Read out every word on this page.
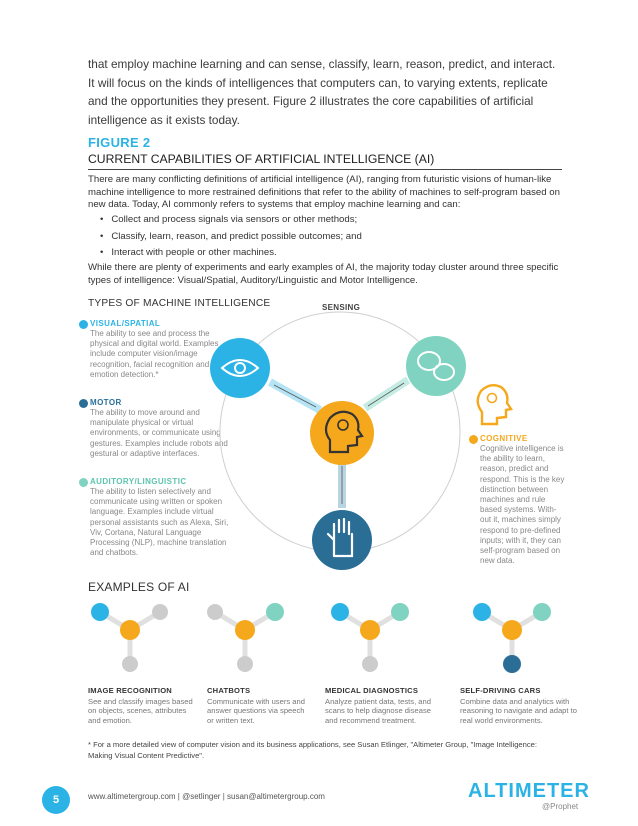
that employ machine learning and can sense, classify, learn, reason, predict, and interact. It will focus on the kinds of intelligences that computers can, to varying extents, replicate and the opportunities they present. Figure 2 illustrates the core capabilities of artificial intelligence as it exists today.
FIGURE 2
CURRENT CAPABILITIES OF ARTIFICIAL INTELLIGENCE (AI)
There are many conflicting definitions of artificial intelligence (AI), ranging from futuristic visions of human-like machine intelligence to more restrained definitions that refer to the ability of machines to self-program based on new data. Today, AI commonly refers to systems that employ machine learning and can:
• Collect and process signals via sensors or other methods;
• Classify, learn, reason, and predict possible outcomes; and
• Interact with people or other machines.
While there are plenty of experiments and early examples of AI, the majority today cluster around three specific types of intelligence: Visual/Spatial, Auditory/Linguistic and Motor Intelligence.
TYPES OF MACHINE INTELLIGENCE	SENSING
VISUAL/SPATIAL
The ability to see and process the physical and digital world. Examples include computer vision/image recognition, facial recognition and emotion detection.*
MOTOR
The ability to move around and manipulate physical or virtual environments, or communicate using gestures. Examples include robots and gestural or adaptive interfaces.
AUDITORY/LINGUISTIC
The ability to listen selectively and communicate using written or spoken language. Examples include virtual personal assistants such as Alexa, Siri, Viv, Cortana, Natural Language Processing (NLP), machine translation and chatbots.
COGNITIVE
Cognitive intelligence is the ability to learn, reason, predict and respond. This is the key distinction between machines and rule based systems. With-out it, machines simply respond to pre-defined inputs; with it, they can self-program based on new data.
EXAMPLES OF AI
IMAGE RECOGNITION
See and classify images based on objects, scenes, attributes and emotion.
CHATBOTS
Communicate with users and answer questions via speech or written text.
MEDICAL DIAGNOSTICS
Analyze patient data, tests, and scans to help diagnose disease and recommend treatment.
SELF-DRIVING CARS
Combine data and analytics with reasoning to navigate and adapt to real world environments.
* For a more detailed view of computer vision and its business applications, see Susan Etlinger, "Altimeter Group, "Image Intelligence: Making Visual Content Predictive".
5	www.altimetergroup.com | @setlinger | susan@altimetergroup.com	ALTIMETER
@Prophet
